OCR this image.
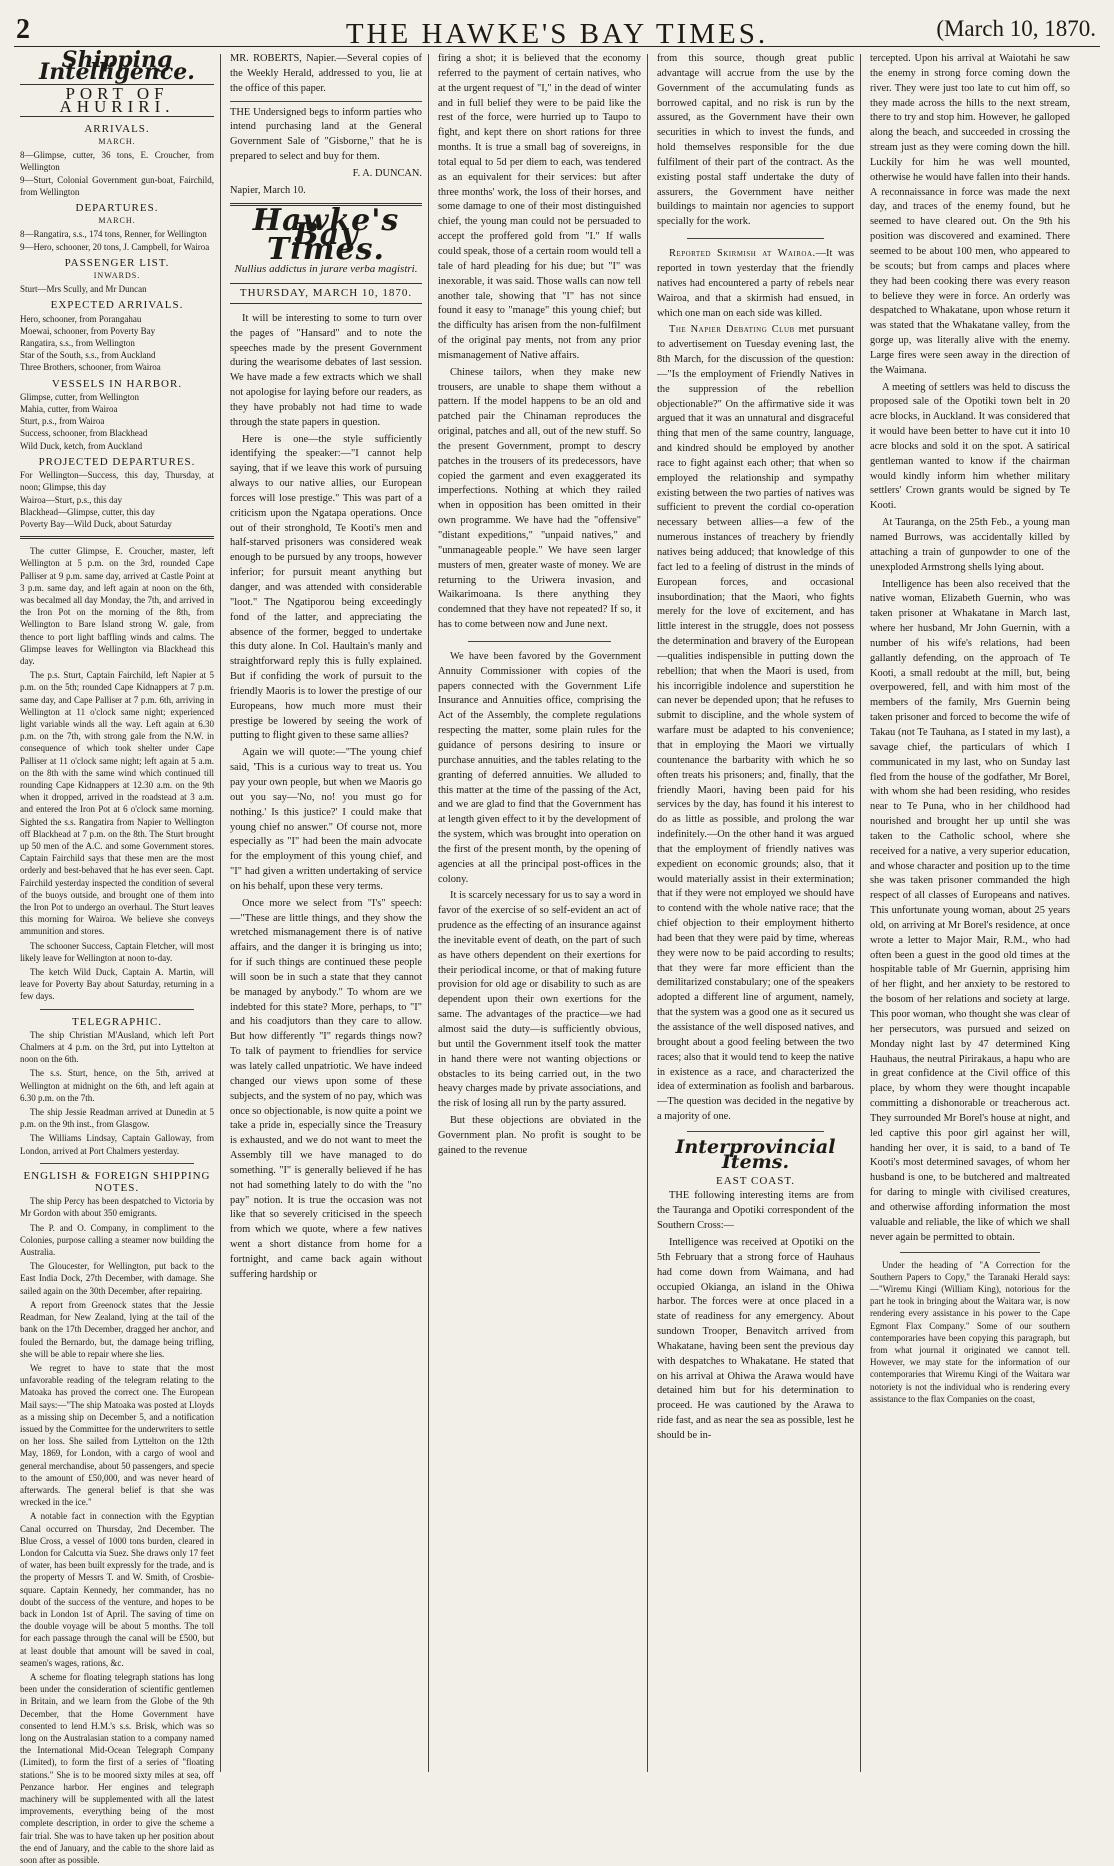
2	THE HAWKE'S BAY TIMES.	(March 10, 1870.
Shipping Intelligence.
PORT OF AHURIRI.
ARRIVALS.
MARCH.

8—Glimpse, cutter, 36 tons, E. Croucher, from Wellington

9—Sturt, Colonial Government gun-boat, Fairchild, from Wellington

DEPARTURES.
MARCH.

8—Rangatira, s.s., 174 tons, Renner, for Wellington

9—Hero, schooner, 20 tons, J. Campbell, for Wairoa

PASSENGER LIST.
INWARDS.

Sturt—Mrs Scully, and Mr Duncan

EXPECTED ARRIVALS.

Hero, schooner, from Porangahau

Moewai, schooner, from Poverty Bay

Rangatira, s.s., from Wellington

Star of the South, s.s., from Auckland

Three Brothers, schooner, from Wairoa

VESSELS IN HARBOR.

Glimpse, cutter, from Wellington

Mahia, cutter, from Wairoa

Sturt, p.s., from Wairoa

Success, schooner, from Blackhead

Wild Duck, ketch, from Auckland

PROJECTED DEPARTURES.

For Wellington—Success, this day, Thursday, at noon; Glimpse, this day

Wairoa—Sturt, p.s., this day

Blackhead—Glimpse, cutter, this day

Poverty Bay—Wild Duck, about Saturday

The cutter Glimpse, E. Croucher, master, left Wellington at 5 p.m. on the 3rd, rounded Cape Palliser at 9 p.m. same day, arrived at Castle Point at 3 p.m. same day, and left again at noon on the 6th, was becalmed all day Monday, the 7th, and arrived in the Iron Pot on the morning of the 8th, from Wellington to Bare Island strong W. gale, from thence to port light baffling winds and calms. The Glimpse leaves for Wellington via Blackhead this day.

The p.s. Sturt, Captain Fairchild, left Napier at 5 p.m. on the 5th; rounded Cape Kidnappers at 7 p.m. same day, and Cape Palliser at 7 p.m. 6th, arriving in Wellington at 11 o'clock same night; experienced light variable winds all the way. Left again at 6.30 p.m. on the 7th, with strong gale from the N.W. in consequence of which took shelter under Cape Palliser at 11 o'clock same night; left again at 5 a.m. on the 8th with the same wind which continued till rounding Cape Kidnappers at 12.30 a.m. on the 9th when it dropped, arrived in the roadstead at 3 a.m. and entered the Iron Pot at 6 o'clock same morning. Sighted the s.s. Rangatira from Napier to Wellington off Blackhead at 7 p.m. on the 8th. The Sturt brought up 50 men of the A.C. and some Government stores. Captain Fairchild says that these men are the most orderly and best-behaved that he has ever seen. Capt. Fairchild yesterday inspected the condition of several of the buoys outside, and brought one of them into the Iron Pot to undergo an overhaul. The Sturt leaves this morning for Wairoa. We believe she conveys ammunition and stores.

The schooner Success, Captain Fletcher, will most likely leave for Wellington at noon to-day.

The ketch Wild Duck, Captain A. Martin, will leave for Poverty Bay about Saturday, returning in a few days.

TELEGRAPHIC.

The ship Christian M'Ausland, which left Port Chalmers at 4 p.m. on the 3rd, put into Lyttelton at noon on the 6th.

The s.s. Sturt, hence, on the 5th, arrived at Wellington at midnight on the 6th, and left again at 6.30 p.m. on the 7th.

The ship Jessie Readman arrived at Dunedin at 5 p.m. on the 9th inst., from Glasgow.

The Williams Lindsay, Captain Galloway, from London, arrived at Port Chalmers yesterday.

ENGLISH & FOREIGN SHIPPING NOTES.

The ship Percy has been despatched to Victoria by Mr Gordon with about 350 emigrants.

The P. and O. Company, in compliment to the Colonies, purpose calling a steamer now building the Australia.

The Gloucester, for Wellington, put back to the East India Dock, 27th December, with damage. She sailed again on the 30th December, after repairing.

A report from Greenock states that the Jessie Readman, for New Zealand, lying at the tail of the bank on the 17th December, dragged her anchor, and fouled the Bernardo, but, the damage being trifling, she will be able to repair where she lies.

We regret to have to state that the most unfavorable reading of the telegram relating to the Matoaka has proved the correct one. The European Mail says:—"The ship Matoaka was posted at Lloyds as a missing ship on December 5, and a notification issued by the Committee for the underwriters to settle on her loss. She sailed from Lyttelton on the 12th May, 1869, for London, with a cargo of wool and general merchandise, about 50 passengers, and specie to the amount of £50,000, and was never heard of afterwards. The general belief is that she was wrecked in the ice."

A notable fact in connection with the Egyptian Canal occurred on Thursday, 2nd December. The Blue Cross, a vessel of 1000 tons burden, cleared in London for Calcutta via Suez. She draws only 17 feet of water, has been built expressly for the trade, and is the property of Messrs T. and W. Smith, of Crosbie-square. Captain Kennedy, her commander, has no doubt of the success of the venture, and hopes to be back in London 1st of April. The saving of time on the double voyage will be about 5 months. The toll for each passage through the canal will be £500, but at least double that amount will be saved in coal, seamen's wages, rations, &c.

A scheme for floating telegraph stations has long been under the consideration of scientific gentlemen in Britain, and we learn from the Globe of the 9th December, that the Home Government have consented to lend H.M.'s s.s. Brisk, which was so long on the Australasian station to a company named the International Mid-Ocean Telegraph Company (Limited), to form the first of a series of "floating stations." She is to be moored sixty miles at sea, off Penzance harbor. Her engines and telegraph machinery will be supplemented with all the latest improvements, everything being of the most complete description, in order to give the scheme a fair trial. She was to have taken up her position about the end of January, and the cable to the shore laid as soon after as possible.

MR. ROBERTS, Napier.—Several copies of the Weekly Herald, addressed to you, lie at the office of this paper.

THE Undersigned begs to inform parties who intend purchasing land at the General Government Sale of "Gisborne," that he is prepared to select and buy for them.

F. A. DUNCAN.

Napier, March 10.

Hawke's Bay Times.
Nullius addictus in jurare verba magistri.
THURSDAY, MARCH 10, 1870.

It will be interesting to some to turn over the pages of "Hansard" and to note the speeches made by the present Government during the wearisome debates of last session. We have made a few extracts which we shall not apologise for laying before our readers, as they have probably not had time to wade through the state papers in question.

Here is one—the style sufficiently identifying the speaker:—"I cannot help saying, that if we leave this work of pursuing always to our native allies, our European forces will lose prestige." This was part of a criticism upon the Ngatapa operations. Once out of their stronghold, Te Kooti's men and half-starved prisoners was considered weak enough to be pursued by any troops, however inferior; for pursuit meant anything but danger, and was attended with considerable "loot." The Ngatiporou being exceedingly fond of the latter, and appreciating the absence of the former, begged to undertake this duty alone. In Col. Haultain's manly and straightforward reply this is fully explained. But if confiding the work of pursuit to the friendly Maoris is to lower the prestige of our Europeans, how much more must their prestige be lowered by seeing the work of putting to flight given to these same allies?

Again we will quote:—"The young chief said, 'This is a curious way to treat us. You pay your own people, but when we Maoris go out you say—'No, no! you must go for nothing.' Is this justice?' I could make that young chief no answer." Of course not, more especially as "I" had been the main advocate for the employment of this young chief, and "I" had given a written undertaking of service on his behalf, upon these very terms.

Once more we select from "I's" speech:—"These are little things, and they show the wretched mismanagement there is of native affairs, and the danger it is bringing us into; for if such things are continued these people will soon be in such a state that they cannot be managed by anybody." To whom are we indebted for this state? More, perhaps, to "I" and his coadjutors than they care to allow. But how differently "I" regards things now? To talk of payment to friendlies for service was lately called unpatriotic. We have indeed changed our views upon some of these subjects, and the system of no pay, which was once so objectionable, is now quite a point we take a pride in, especially since the Treasury is exhausted, and we do not want to meet the Assembly till we have managed to do something. "I" is generally believed if he has not had something lately to do with the "no pay" notion. It is true the occasion was not like that so severely criticised in the speech from which we quote, where a few natives went a short distance from home for a fortnight, and came back again without suffering hardship or

firing a shot; it is believed that the economy referred to the payment of certain natives, who at the urgent request of "I," in the dead of winter and in full belief they were to be paid like the rest of the force, were hurried up to Taupo to fight, and kept there on short rations for three months. It is true a small bag of sovereigns, in total equal to 5d per diem to each, was tendered as an equivalent for their services: but after three months' work, the loss of their horses, and some damage to one of their most distinguished chief, the young man could not be persuaded to accept the proffered gold from "I." If walls could speak, those of a certain room would tell a tale of hard pleading for his due; but "I" was inexorable, it was said. Those walls can now tell another tale, showing that "I" has not since found it easy to "manage" this young chief; but the difficulty has arisen from the non-fulfilment of the original pay ments, not from any prior mismanagement of Native affairs.

Chinese tailors, when they make new trousers, are unable to shape them without a pattern. If the model happens to be an old and patched pair the Chinaman reproduces the original, patches and all, out of the new stuff. So the present Government, prompt to descry patches in the trousers of its predecessors, have copied the garment and even exaggerated its imperfections. Nothing at which they railed when in opposition has been omitted in their own programme. We have had the "offensive" "distant expeditions," "unpaid natives," and "unmanageable people." We have seen larger musters of men, greater waste of money. We are returning to the Uriwera invasion, and Waikarimoana. Is there anything they condemned that they have not repeated? If so, it has to come between now and June next.

We have been favored by the Government Annuity Commissioner with copies of the papers connected with the Government Life Insurance and Annuities office, comprising the Act of the Assembly, the complete regulations respecting the matter, some plain rules for the guidance of persons desiring to insure or purchase annuities, and the tables relating to the granting of deferred annuities. We alluded to this matter at the time of the passing of the Act, and we are glad to find that the Government has at length given effect to it by the development of the system, which was brought into operation on the first of the present month, by the opening of agencies at all the principal post-offices in the colony.

It is scarcely necessary for us to say a word in favor of the exercise of so self-evident an act of prudence as the effecting of an insurance against the inevitable event of death, on the part of such as have others dependent on their exertions for their periodical income, or that of making future provision for old age or disability to such as are dependent upon their own exertions for the same. The advantages of the practice—we had almost said the duty—is sufficiently obvious, but until the Government itself took the matter in hand there were not wanting objections or obstacles to its being carried out, in the two heavy charges made by private associations, and the risk of losing all run by the party assured.

But these objections are obviated in the Government plan. No profit is sought to be gained to the revenue

from this source, though great public advantage will accrue from the use by the Government of the accumulating funds as borrowed capital, and no risk is run by the assured, as the Government have their own securities in which to invest the funds, and hold themselves responsible for the due fulfilment of their part of the contract. As the existing postal staff undertake the duty of assurers, the Government have neither buildings to maintain nor agencies to support specially for the work.

Reported Skirmish at Wairoa.—It was reported in town yesterday that the friendly natives had encountered a party of rebels near Wairoa, and that a skirmish had ensued, in which one man on each side was killed.

The Napier Debating Club met pursuant to advertisement on Tuesday evening last, the 8th March, for the discussion of the question:—"Is the employment of Friendly Natives in the suppression of the rebellion objectionable?" On the affirmative side it was argued that it was an unnatural and disgraceful thing that men of the same country, language, and kindred should be employed by another race to fight against each other; that when so employed the relationship and sympathy existing between the two parties of natives was sufficient to prevent the cordial co-operation necessary between allies—a few of the numerous instances of treachery by friendly natives being adduced; that knowledge of this fact led to a feeling of distrust in the minds of European forces, and occasional insubordination; that the Maori, who fights merely for the love of excitement, and has little interest in the struggle, does not possess the determination and bravery of the European—qualities indispensible in putting down the rebellion; that when the Maori is used, from his incorrigible indolence and superstition he can never be depended upon; that he refuses to submit to discipline, and the whole system of warfare must be adapted to his convenience; that in employing the Maori we virtually countenance the barbarity with which he so often treats his prisoners; and, finally, that the friendly Maori, having been paid for his services by the day, has found it his interest to do as little as possible, and prolong the war indefinitely.—On the other hand it was argued that the employment of friendly natives was expedient on economic grounds; also, that it would materially assist in their extermination; that if they were not employed we should have to contend with the whole native race; that the chief objection to their employment hitherto had been that they were paid by time, whereas they were now to be paid according to results; that they were far more efficient than the demilitarized constabulary; one of the speakers adopted a different line of argument, namely, that the system was a good one as it secured us the assistance of the well disposed natives, and brought about a good feeling between the two races; also that it would tend to keep the native in existence as a race, and characterized the idea of extermination as foolish and barbarous.—The question was decided in the negative by a majority of one.

Interprovincial Items.
EAST COAST.

THE following interesting items are from the Tauranga and Opotiki correspondent of the Southern Cross:—

Intelligence was received at Opotiki on the 5th February that a strong force of Hauhaus had come down from Waimana, and had occupied Okianga, an island in the Ohiwa harbor. The forces were at once placed in a state of readiness for any emergency. About sundown Trooper, Benavitch arrived from Whakatane, having been sent the previous day with despatches to Whakatane. He stated that on his arrival at Ohiwa the Arawa would have detained him but for his determination to proceed. He was cautioned by the Arawa to ride fast, and as near the sea as possible, lest he should be in-

tercepted. Upon his arrival at Waiotahi he saw the enemy in strong force coming down the river. They were just too late to cut him off, so they made across the hills to the next stream, there to try and stop him. However, he galloped along the beach, and succeeded in crossing the stream just as they were coming down the hill. Luckily for him he was well mounted, otherwise he would have fallen into their hands. A reconnaissance in force was made the next day, and traces of the enemy found, but he seemed to have cleared out. On the 9th his position was discovered and examined. There seemed to be about 100 men, who appeared to be scouts; but from camps and places where they had been cooking there was every reason to believe they were in force. An orderly was despatched to Whakatane, upon whose return it was stated that the Whakatane valley, from the gorge up, was literally alive with the enemy. Large fires were seen away in the direction of the Waimana.

A meeting of settlers was held to discuss the proposed sale of the Opotiki town belt in 20 acre blocks, in Auckland. It was considered that it would have been better to have cut it into 10 acre blocks and sold it on the spot. A satirical gentleman wanted to know if the chairman would kindly inform him whether military settlers' Crown grants would be signed by Te Kooti.

At Tauranga, on the 25th Feb., a young man named Burrows, was accidentally killed by attaching a train of gunpowder to one of the unexploded Armstrong shells lying about.

Intelligence has been also received that the native woman, Elizabeth Guernin, who was taken prisoner at Whakatane in March last, where her husband, Mr John Guernin, with a number of his wife's relations, had been gallantly defending, on the approach of Te Kooti, a small redoubt at the mill, but, being overpowered, fell, and with him most of the members of the family, Mrs Guernin being taken prisoner and forced to become the wife of Takau (not Te Tauhana, as I stated in my last), a savage chief, the particulars of which I communicated in my last, who on Sunday last fled from the house of the godfather, Mr Borel, with whom she had been residing, who resides near to Te Puna, who in her childhood had nourished and brought her up until she was taken to the Catholic school, where she received for a native, a very superior education, and whose character and position up to the time she was taken prisoner commanded the high respect of all classes of Europeans and natives. This unfortunate young woman, about 25 years old, on arriving at Mr Borel's residence, at once wrote a letter to Major Mair, R.M., who had often been a guest in the good old times at the hospitable table of Mr Guernin, apprising him of her flight, and her anxiety to be restored to the bosom of her relations and society at large. This poor woman, who thought she was clear of her persecutors, was pursued and seized on Monday night last by 47 determined King Hauhaus, the neutral Pirirakaus, a hapu who are in great confidence at the Civil office of this place, by whom they were thought incapable committing a dishonorable or treacherous act. They surrounded Mr Borel's house at night, and led captive this poor girl against her will, handing her over, it is said, to a band of Te Kooti's most determined savages, of whom her husband is one, to be butchered and maltreated for daring to mingle with civilised creatures, and otherwise affording information the most valuable and reliable, the like of which we shall never again be permitted to obtain.

Under the heading of "A Correction for the Southern Papers to Copy," the Taranaki Herald says:—"Wiremu Kingi (William King), notorious for the part he took in bringing about the Waitara war, is now rendering every assistance in his power to the Cape Egmont Flax Company." Some of our southern contemporaries have been copying this paragraph, but from what journal it originated we cannot tell. However, we may state for the information of our contemporaries that Wiremu Kingi of the Waitara war notoriety is not the individual who is rendering every assistance to the flax Companies on the coast,
